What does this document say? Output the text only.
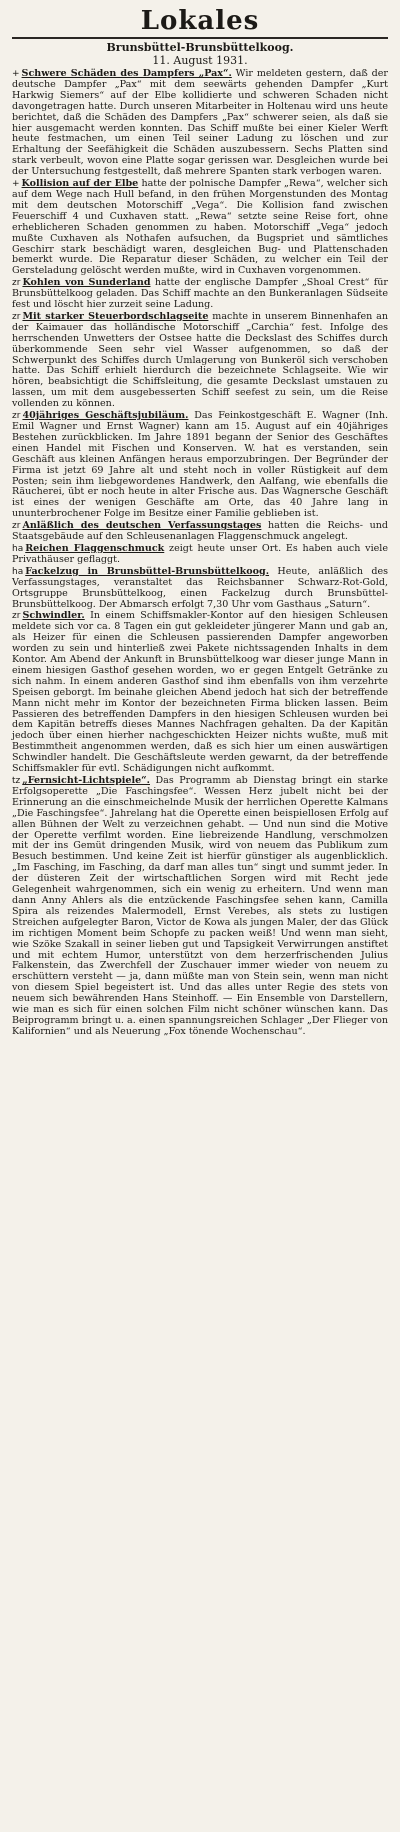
Lokales
Brunsbüttel-Brunsbüttelkoog.
11. August 1931.

+ Schwere Schäden des Dampfers „Pax“. Wir meldeten gestern, daß der deutsche Dampfer „Pax“ mit dem seewärts gehenden Dampfer „Kurt Harkwig Siemers“ auf der Elbe kollidierte und schweren Schaden nicht davongetragen hatte. Durch unseren Mitarbeiter in Holtenau wird uns heute berichtet, daß die Schäden des Dampfers „Pax“ schwerer seien, als daß sie hier ausgemacht werden konnten. Das Schiff mußte bei einer Kieler Werft heute festmachen, um einen Teil seiner Ladung zu löschen und zur Erhaltung der Seefähigkeit die Schäden auszubessern. Sechs Platten sind stark verbeult, wovon eine Platte sogar gerissen war. Desgleichen wurde bei der Untersuchung festgestellt, daß mehrere Spanten stark verbogen waren.

+ Kollision auf der Elbe hatte der polnische Dampfer „Rewa“, welcher sich auf dem Wege nach Hull befand, in den frühen Morgenstunden des Montag mit dem deutschen Motorschiff „Vega“. Die Kollision fand zwischen Feuerschiff 4 und Cuxhaven statt. „Rewa“ setzte seine Reise fort, ohne erheblicheren Schaden genommen zu haben. Motorschiff „Vega“ jedoch mußte Cuxhaven als Nothafen aufsuchen, da Bugspriet und sämtliches Geschirr stark beschädigt waren, desgleichen Bug- und Plattenschaden bemerkt wurde. Die Reparatur dieser Schäden, zu welcher ein Teil der Gersteladung gelöscht werden mußte, wird in Cuxhaven vorgenommen.

zr Kohlen von Sunderland hatte der englische Dampfer „Shoal Crest“ für Brunsbüttelkoog geladen. Das Schiff machte an den Bunkeranlagen Südseite fest und löscht hier zurzeit seine Ladung.

zr Mit starker Steuerbordschlagseite machte in unserem Binnenhafen an der Kaimauer das holländische Motorschiff „Carchia“ fest. Infolge des herrschenden Unwetters der Ostsee hatte die Deckslast des Schiffes durch überkommende Seen sehr viel Wasser aufgenommen, so daß der Schwerpunkt des Schiffes durch Umlagerung von Bunkeröl sich verschoben hatte. Das Schiff erhielt hierdurch die bezeichnete Schlagseite. Wie wir hören, beabsichtigt die Schiffsleitung, die gesamte Deckslast umstauen zu lassen, um mit dem ausgebesserten Schiff seefest zu sein, um die Reise vollenden zu können.

zr 40jähriges Geschäftsjubiläum. Das Feinkostgeschäft E. Wagner (Inh. Emil Wagner und Ernst Wagner) kann am 15. August auf ein 40jähriges Bestehen zurückblicken. Im Jahre 1891 begann der Senior des Geschäftes einen Handel mit Fischen und Konserven. W. hat es verstanden, sein Geschäft aus kleinen Anfängen heraus emporzubringen. Der Begründer der Firma ist jetzt 69 Jahre alt und steht noch in voller Rüstigkeit auf dem Posten; sein ihm liebgewordenes Handwerk, den Aalfang, wie ebenfalls die Räucherei, übt er noch heute in alter Frische aus. Das Wagnersche Geschäft ist eines der wenigen Geschäfte am Orte, das 40 Jahre lang in ununterbrochener Folge im Besitze einer Familie geblieben ist.

zr Anläßlich des deutschen Verfassungstages hatten die Reichs- und Staatsgebäude auf den Schleusenanlagen Flaggenschmuck angelegt.

ha Reichen Flaggenschmuck zeigt heute unser Ort. Es haben auch viele Privathäuser geflaggt.

ha Fackelzug in Brunsbüttel-Brunsbüttelkoog. Heute, anläßlich des Verfassungstages, veranstaltet das Reichsbanner Schwarz-Rot-Gold, Ortsgruppe Brunsbüttelkoog, einen Fackelzug durch Brunsbüttel-Brunsbüttelkoog. Der Abmarsch erfolgt 7,30 Uhr vom Gasthaus „Saturn“.

zr Schwindler. In einem Schiffsmakler-Kontor auf den hiesigen Schleusen meldete sich vor ca. 8 Tagen ein gut gekleideter jüngerer Mann und gab an, als Heizer für einen die Schleusen passierenden Dampfer angeworben worden zu sein und hinterließ zwei Pakete nichtssagenden Inhalts in dem Kontor. Am Abend der Ankunft in Brunsbüttelkoog war dieser junge Mann in einem hiesigen Gasthof gesehen worden, wo er gegen Entgelt Getränke zu sich nahm. In einem anderen Gasthof sind ihm ebenfalls von ihm verzehrte Speisen geborgt. Im beinahe gleichen Abend jedoch hat sich der betreffende Mann nicht mehr im Kontor der bezeichneten Firma blicken lassen. Beim Passieren des betreffenden Dampfers in den hiesigen Schleusen wurden bei dem Kapitän betreffs dieses Mannes Nachfragen gehalten. Da der Kapitän jedoch über einen hierher nachgeschickten Heizer nichts wußte, muß mit Bestimmtheit angenommen werden, daß es sich hier um einen auswärtigen Schwindler handelt. Die Geschäftsleute werden gewarnt, da der betreffende Schiffsmakler für evtl. Schädigungen nicht aufkommt.

tz „Fernsicht-Lichtspiele“. Das Programm ab Dienstag bringt ein starke Erfolgsoperette „Die Faschingsfee“. Wessen Herz jubelt nicht bei der Erinnerung an die einschmeichelnde Musik der herrlichen Operette Kalmans „Die Faschingsfee“. Jahrelang hat die Operette einen beispiellosen Erfolg auf allen Bühnen der Welt zu verzeichnen gehabt. — Und nun sind die Motive der Operette verfilmt worden. Eine liebreizende Handlung, verschmolzen mit der ins Gemüt dringenden Musik, wird von neuem das Publikum zum Besuch bestimmen. Und keine Zeit ist hierfür günstiger als augenblicklich. „Im Fasching, im Fasching, da darf man alles tun“ singt und summt jeder. In der düsteren Zeit der wirtschaftlichen Sorgen wird mit Recht jede Gelegenheit wahrgenommen, sich ein wenig zu erheitern. Und wenn man dann Anny Ahlers als die entzückende Faschingsfee sehen kann, Camilla Spira als reizendes Malermodell, Ernst Verebes, als stets zu lustigen Streichen aufgelegter Baron, Victor de Kowa als jungen Maler, der das Glück im richtigen Moment beim Schopfe zu packen weiß! Und wenn man sieht, wie Szöke Szakall in seiner lieben gut und Tapsigkeit Verwirrungen anstiftet und mit echtem Humor, unterstützt von dem herzerfrischenden Julius Falkenstein, das Zwerchfell der Zuschauer immer wieder von neuem zu erschüttern versteht — ja, dann müßte man von Stein sein, wenn man nicht von diesem Spiel begeistert ist. Und das alles unter Regie des stets von neuem sich bewährenden Hans Steinhoff. — Ein Ensemble von Darstellern, wie man es sich für einen solchen Film nicht schöner wünschen kann. Das Beiprogramm bringt u. a. einen spannungsreichen Schlager „Der Flieger von Kalifornien“ und als Neuerung „Fox tönende Wochenschau“.
